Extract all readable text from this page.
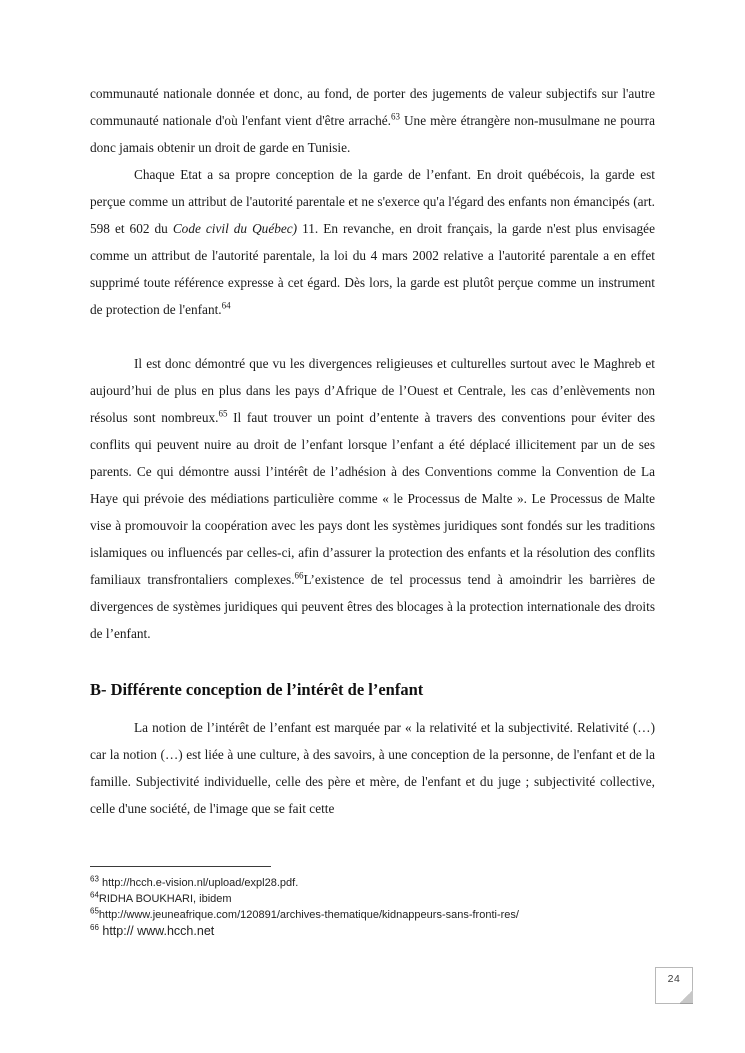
communauté nationale donnée et donc, au fond, de porter des jugements de valeur subjectifs sur l'autre communauté nationale d'où l'enfant vient d'être arraché.$^{63}$ Une mère étrangère non-musulmane ne pourra donc jamais obtenir un droit de garde en Tunisie.

Chaque Etat a sa propre conception de la garde de l’enfant. En droit québécois, la garde est perçue comme un attribut de l'autorité parentale et ne s'exerce qu'a l'égard des enfants non émancipés (art. 598 et 602 du Code civil du Québec) 11. En revanche, en droit français, la garde n'est plus envisagée comme un attribut de l'autorité parentale, la loi du 4 mars 2002 relative a l'autorité parentale a en effet supprimé toute référence expresse à cet égard. Dès lors, la garde est plutôt perçue comme un instrument de protection de l'enfant.$^{64}$

Il est donc démontré que vu les divergences religieuses et culturelles surtout avec le Maghreb et aujourd’hui de plus en plus dans les pays d’Afrique de l’Ouest et Centrale, les cas d’enlèvements non résolus sont nombreux.$^{65}$ Il faut trouver un point d’entente à travers des conventions pour éviter des conflits qui peuvent nuire au droit de l’enfant lorsque l’enfant a été déplacé illicitement par un de ses parents. Ce qui démontre aussi l’intérêt de l’adhésion à des Conventions comme la Convention de La Haye qui prévoie des médiations particulière comme « le Processus de Malte ». Le Processus de Malte vise à promouvoir la coopération avec les pays dont les systèmes juridiques sont fondés sur les traditions islamiques ou influencés par celles-ci, afin d’assurer la protection des enfants et la résolution des conflits familiaux transfrontaliers complexes.$^{66}$L’existence de tel processus tend à amoindrir les barrières de divergences de systèmes juridiques qui peuvent êtres des blocages à la protection internationale des droits de l’enfant.

B- Différente conception de l’intérêt de l’enfant

La notion de l’intérêt de l’enfant est marquée par « la relativité et la subjectivité. Relativité (…) car la notion (…) est liée à une culture, à des savoirs, à une conception de la personne, de l'enfant et de la famille. Subjectivité individuelle, celle des père et mère, de l'enfant et du juge ; subjectivité collective, celle d'une société, de l'image que se fait cette

$^{63}$ http://hcch.e-vision.nl/upload/expl28.pdf.
$^{64}$RIDHA BOUKHARI, ibidem
$^{65}$http://www.jeuneafrique.com/120891/archives-thematique/kidnappeurs-sans-fronti-res/
$^{66}$ http:// www.hcch.net
24
